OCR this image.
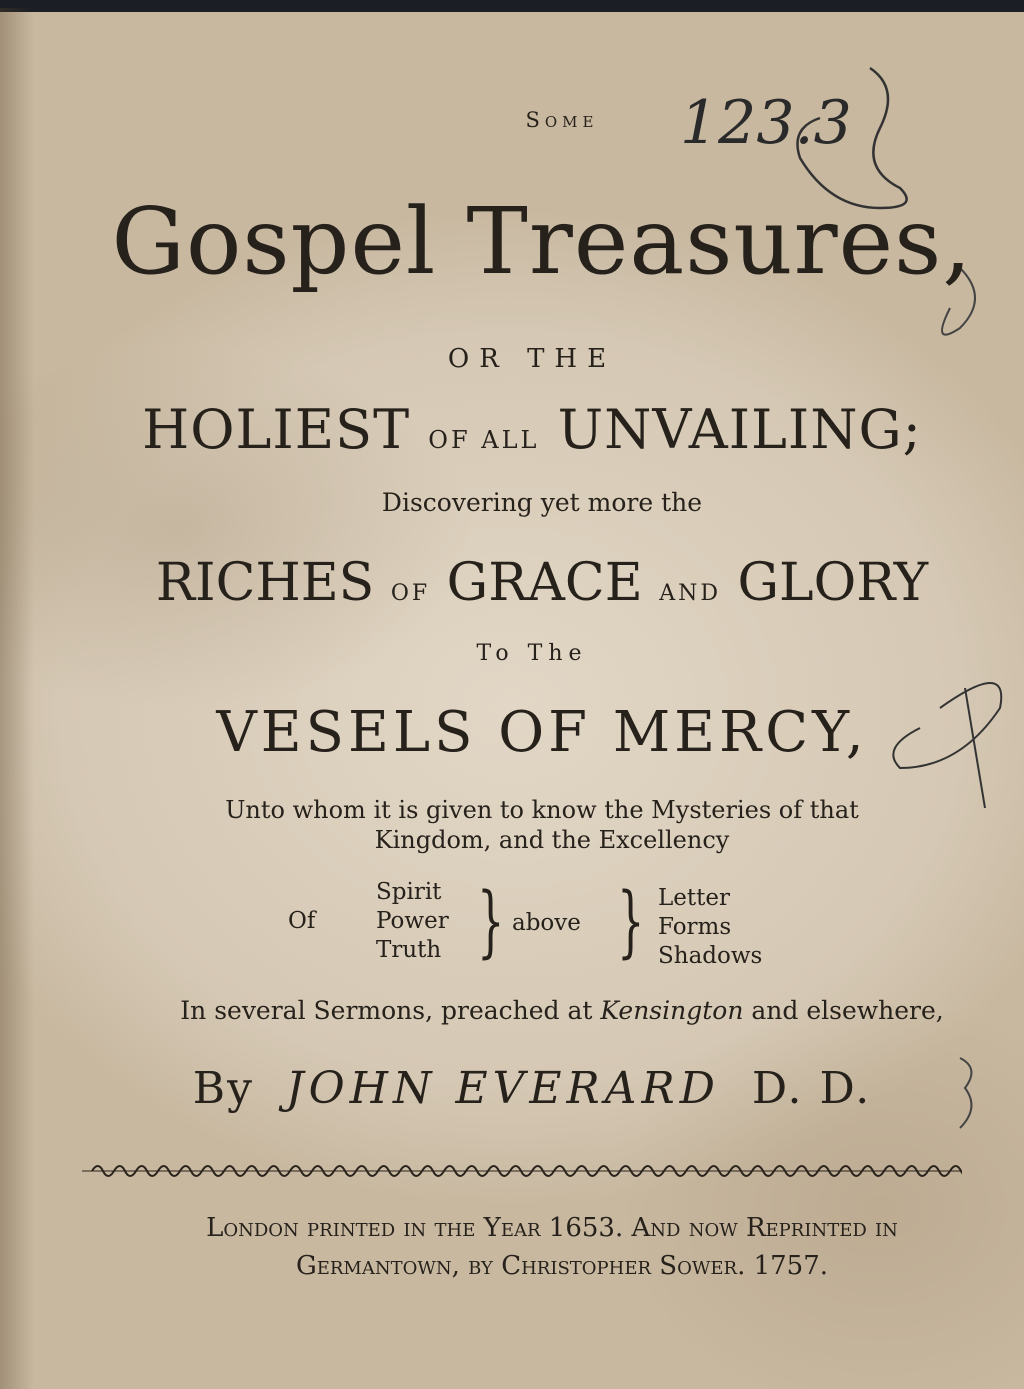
123.3
Some
Gospel Treasures,
OR THE
HOLIEST OF ALL UNVAILING;
Discovering yet more the
RICHES OF GRACE AND GLORY
To The
VESELS OF MERCY,
Unto whom it is given to know the Mysteries of that
Kingdom, and the Excellency
Of
Spirit
Power
Truth } above } Letter
Forms
Shadows
In several Sermons, preached at Kensington and elsewhere,
By JOHN EVERARD D. D.
London printed in the Year 1653. And now Reprinted in
Germantown, by Christopher Sower. 1757.
